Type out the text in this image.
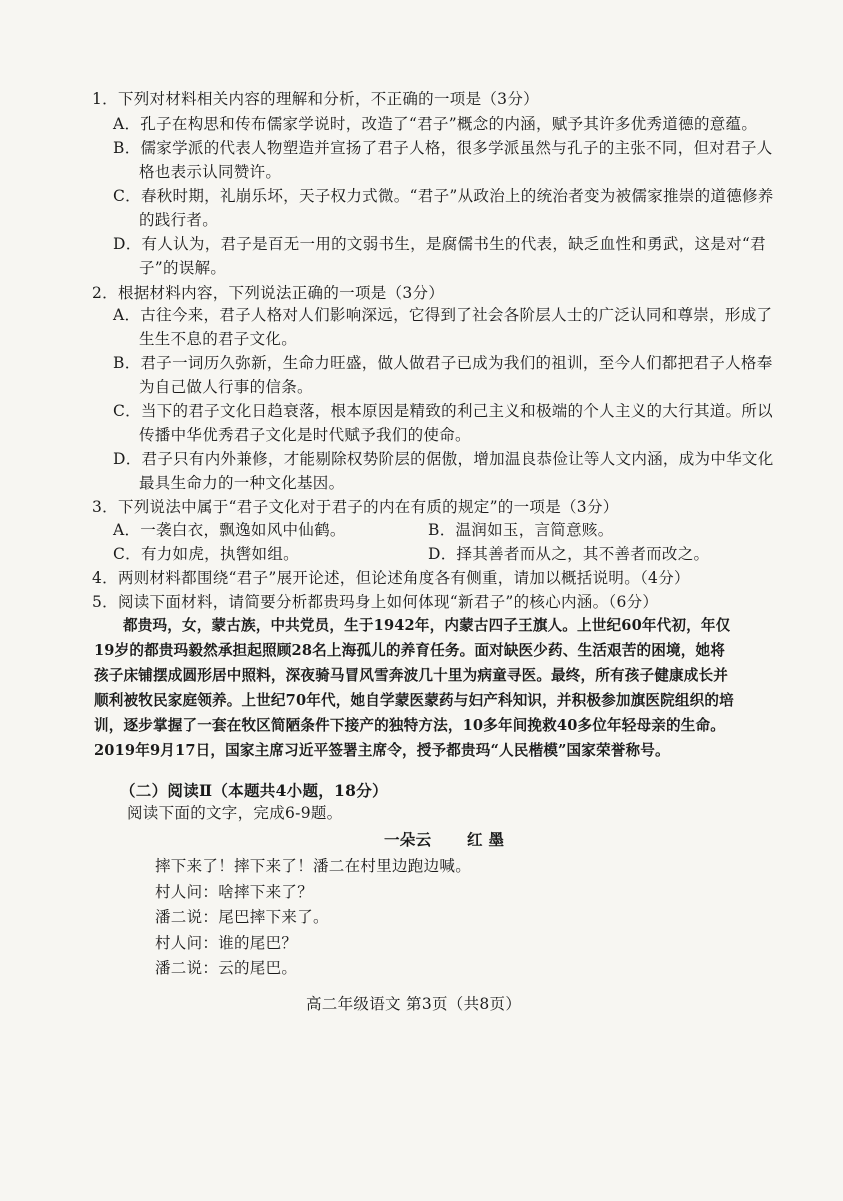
1．下列对材料相关内容的理解和分析，不正确的一项是（3分）
A．孔子在构思和传布儒家学说时，改造了“君子”概念的内涵，赋予其许多优秀道德的意蕴。
B．儒家学派的代表人物塑造并宣扬了君子人格，很多学派虽然与孔子的主张不同，但对君子人
格也表示认同赞许。
C．春秋时期，礼崩乐坏，天子权力式微。“君子”从政治上的统治者变为被儒家推崇的道德修养
的践行者。
D．有人认为，君子是百无一用的文弱书生，是腐儒书生的代表，缺乏血性和勇武，这是对“君
子”的误解。
2．根据材料内容，下列说法正确的一项是（3分）
A．古往今来，君子人格对人们影响深远，它得到了社会各阶层人士的广泛认同和尊崇，形成了
生生不息的君子文化。
B．君子一词历久弥新，生命力旺盛，做人做君子已成为我们的祖训，至今人们都把君子人格奉
为自己做人行事的信条。
C．当下的君子文化日趋衰落，根本原因是精致的利己主义和极端的个人主义的大行其道。所以
传播中华优秀君子文化是时代赋予我们的使命。
D．君子只有内外兼修，才能剔除权势阶层的倨傲，增加温良恭俭让等人文内涵，成为中华文化
最具生命力的一种文化基因。
3．下列说法中属于“君子文化对于君子的内在有质的规定”的一项是（3分）
A．一袭白衣，飘逸如风中仙鹤。	B．温润如玉，言简意赅。
C．有力如虎，执辔如组。	D．择其善者而从之，其不善者而改之。
4．两则材料都围绕“君子”展开论述，但论述角度各有侧重，请加以概括说明。（4分）
5．阅读下面材料，请简要分析都贵玛身上如何体现“新君子”的核心内涵。（6分）
都贵玛，女，蒙古族，中共党员，生于1942年，内蒙古四子王旗人。上世纪60年代初，年仅
19岁的都贵玛毅然承担起照顾28名上海孤儿的养育任务。面对缺医少药、生活艰苦的困境，她将
孩子床铺摆成圆形居中照料，深夜骑马冒风雪奔波几十里为病童寻医。最终，所有孩子健康成长并
顺利被牧民家庭领养。上世纪70年代，她自学蒙医蒙药与妇产科知识，并积极参加旗医院组织的培
训，逐步掌握了一套在牧区简陋条件下接产的独特方法，10多年间挽救40多位年轻母亲的生命。
2019年9月17日，国家主席习近平签署主席令，授予都贵玛“人民楷模”国家荣誉称号。
（二）阅读Ⅱ（本题共4小题，18分）
阅读下面的文字，完成6-9题。
一朵云 红 墨
摔下来了！摔下来了！潘二在村里边跑边喊。
村人问：啥摔下来了？
潘二说：尾巴摔下来了。
村人问：谁的尾巴？
潘二说：云的尾巴。
高二年级语文 第3页（共8页）
